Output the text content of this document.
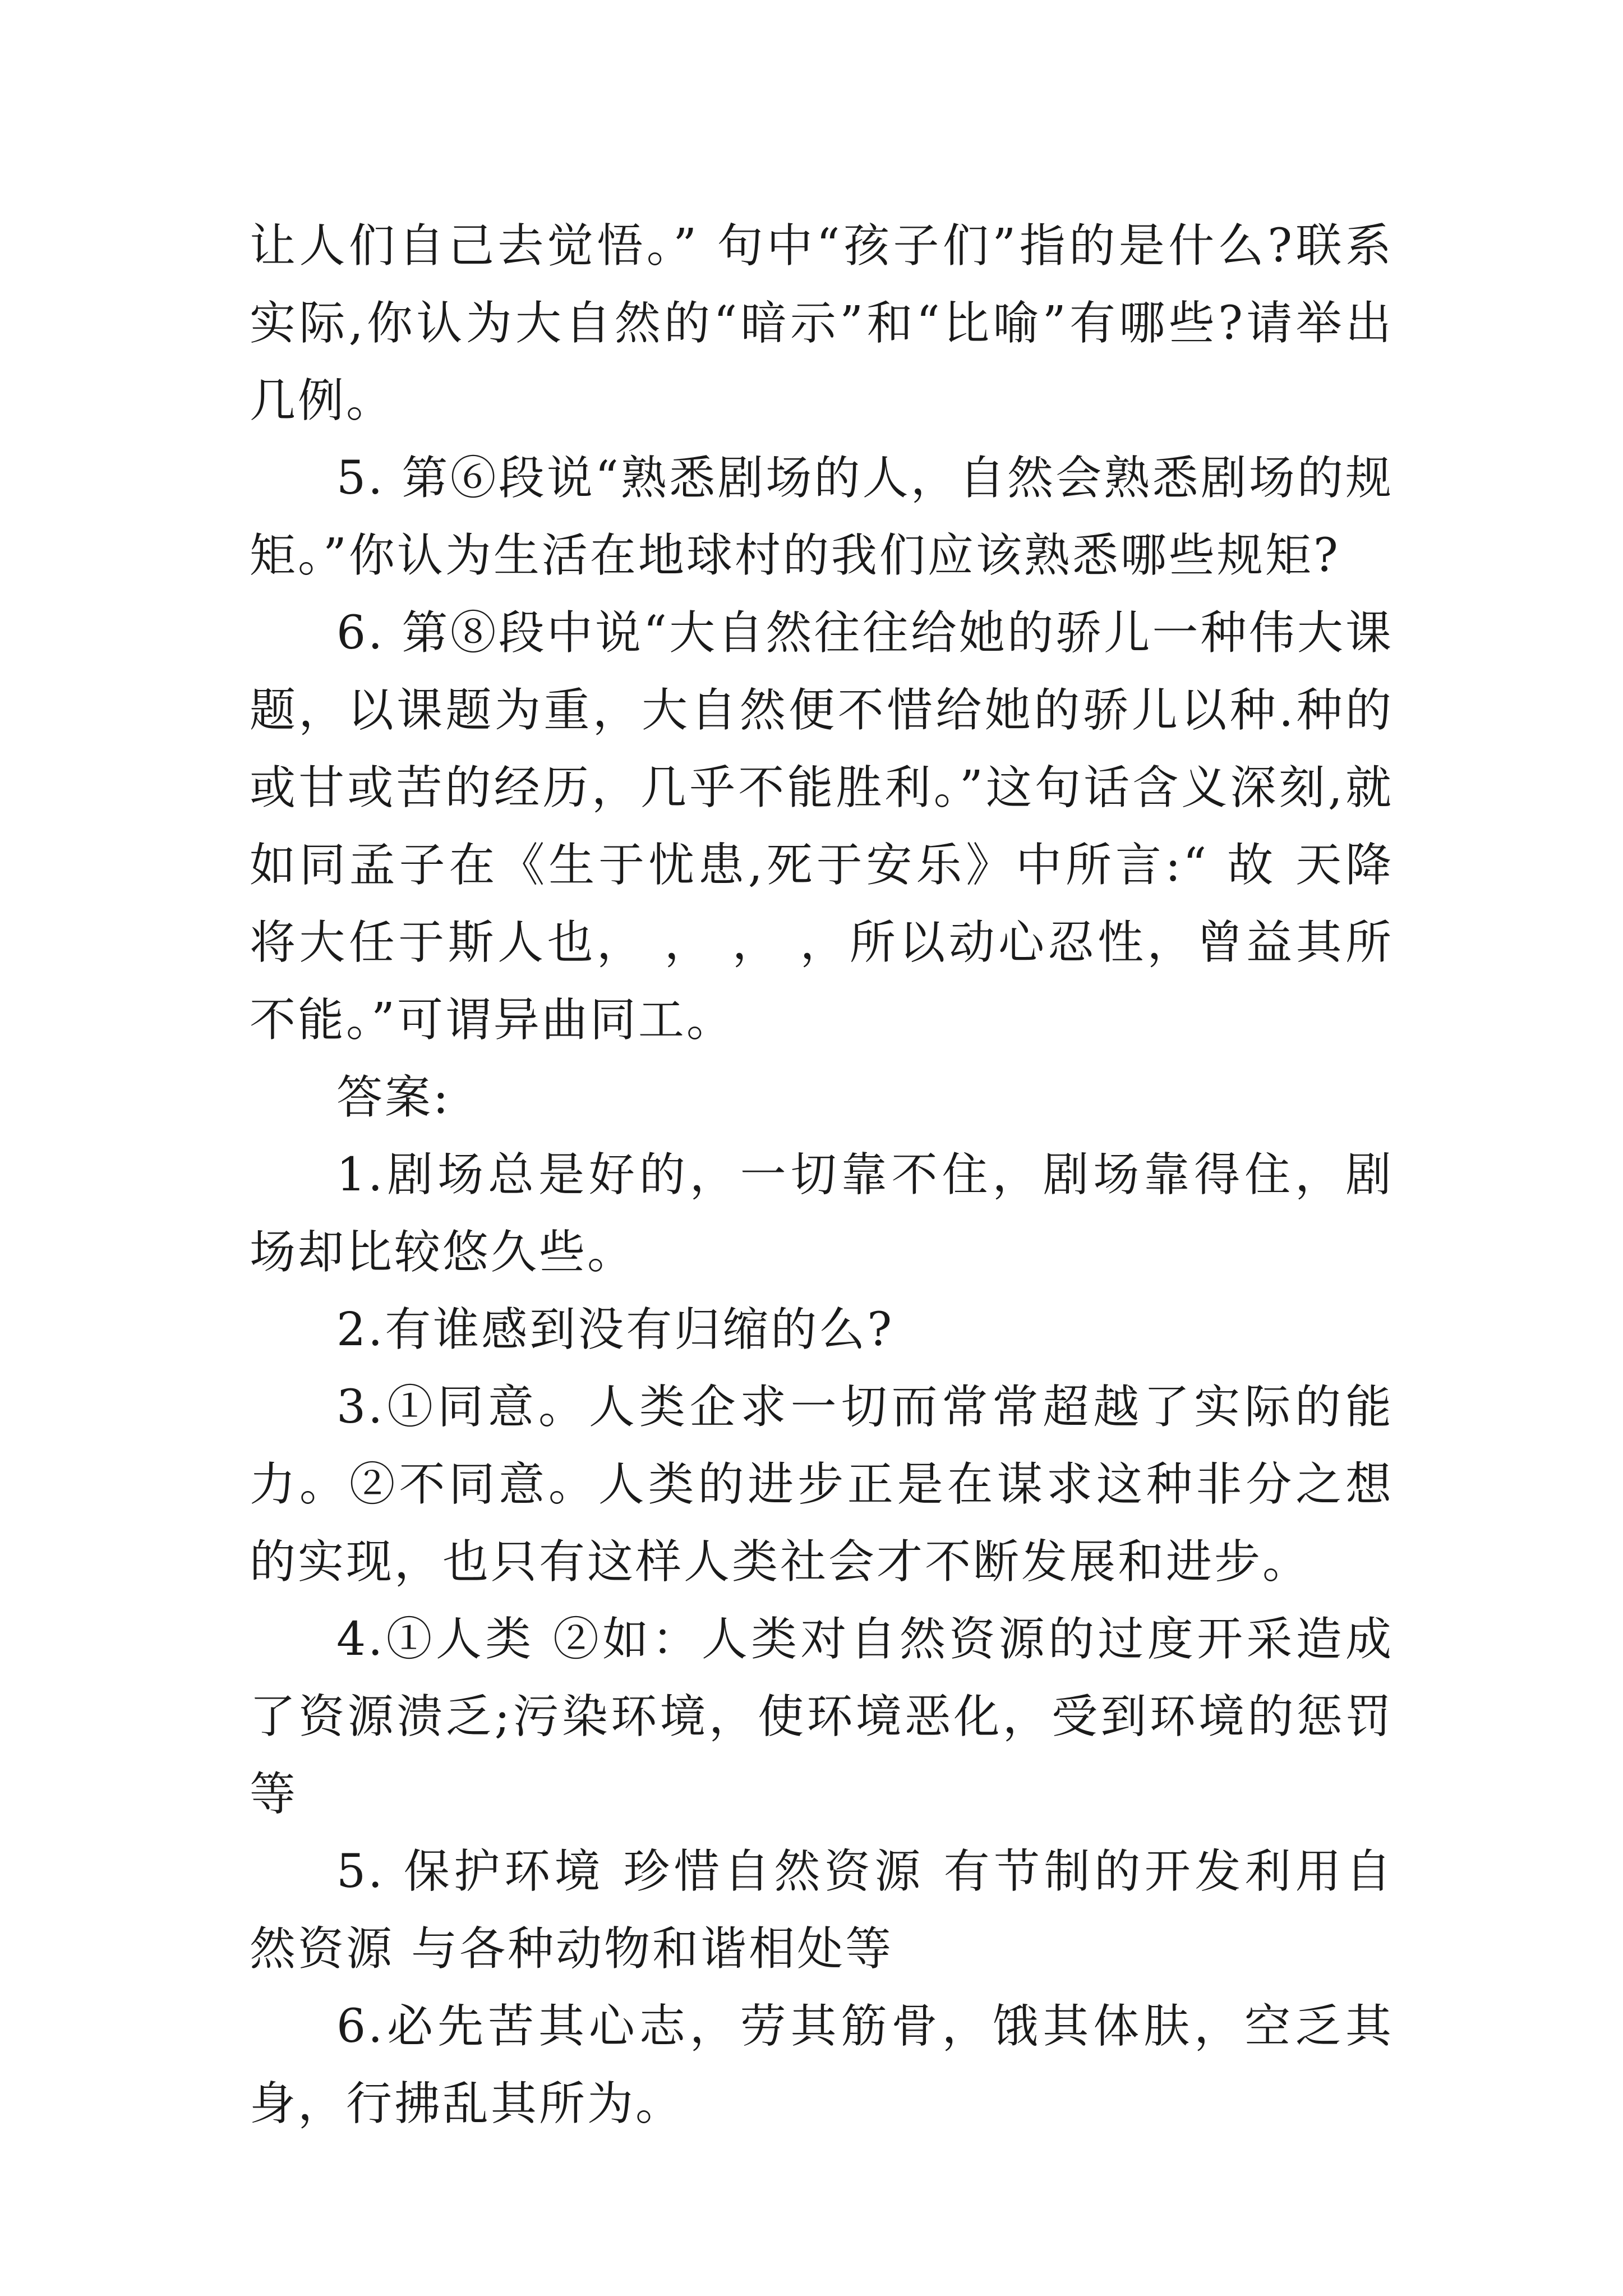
让人们自己去觉悟。” 句中“孩子们”指的是什么?联系实际,你认为大自然的“暗示”和“比喻”有哪些?请举出几例。

5. 第⑥段说“熟悉剧场的人，自然会熟悉剧场的规矩。”你认为生活在地球村的我们应该熟悉哪些规矩?

6. 第⑧段中说“大自然往往给她的骄儿一种伟大课题，以课题为重，大自然便不惜给她的骄儿以种.种的或甘或苦的经历，几乎不能胜利。”这句话含义深刻,就如同孟子在《生于忧患,死于安乐》中所言:“ 故 天降将大任于斯人也， ， ， ，所以动心忍性，曾益其所不能。”可谓异曲同工。

答案:

1.剧场总是好的，一切靠不住，剧场靠得住，剧场却比较悠久些。

2.有谁感到没有归缩的么?

3.①同意。人类企求一切而常常超越了实际的能力。②不同意。人类的进步正是在谋求这种非分之想的实现，也只有这样人类社会才不断发展和进步。

4.①人类 ②如：人类对自然资源的过度开采造成了资源溃乏;污染环境，使环境恶化，受到环境的惩罚等

5. 保护环境 珍惜自然资源 有节制的开发利用自然资源 与各种动物和谐相处等

6.必先苦其心志，劳其筋骨，饿其体肤，空乏其身，行拂乱其所为。
